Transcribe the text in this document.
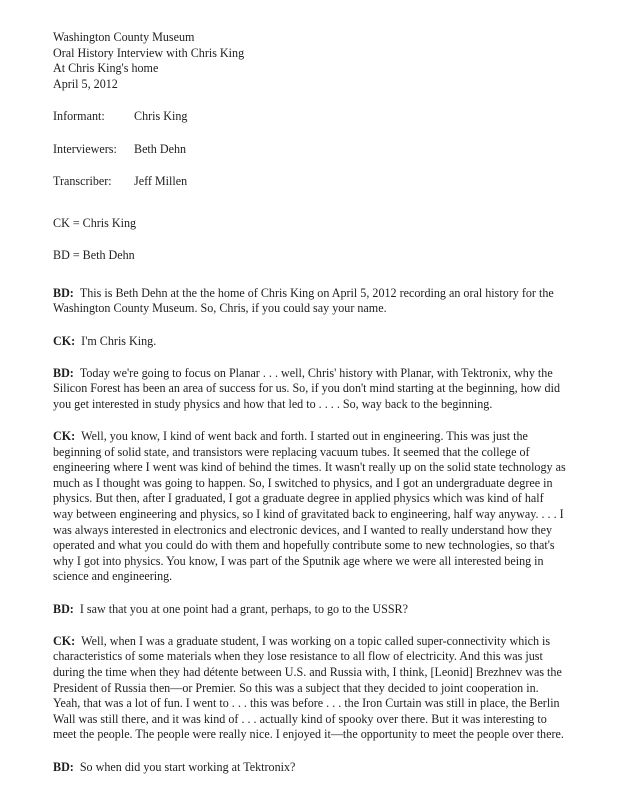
Washington County Museum

Oral History Interview with Chris King

At Chris King's home

April 5, 2012

Informant:	Chris King
Interviewers:	Beth Dehn
Transcriber:	Jeff Millen

CK = Chris King

BD = Beth Dehn

BD: This is Beth Dehn at the the home of Chris King on April 5, 2012 recording an oral history for the Washington County Museum. So, Chris, if you could say your name.

CK: I'm Chris King.

BD: Today we're going to focus on Planar . . . well, Chris' history with Planar, with Tektronix, why the Silicon Forest has been an area of success for us. So, if you don't mind starting at the beginning, how did you get interested in study physics and how that led to . . . . So, way back to the beginning.

CK: Well, you know, I kind of went back and forth. I started out in engineering. This was just the beginning of solid state, and transistors were replacing vacuum tubes. It seemed that the college of engineering where I went was kind of behind the times. It wasn't really up on the solid state technology as much as I thought was going to happen. So, I switched to physics, and I got an undergraduate degree in physics. But then, after I graduated, I got a graduate degree in applied physics which was kind of half way between engineering and physics, so I kind of gravitated back to engineering, half way anyway. . . . I was always interested in electronics and electronic devices, and I wanted to really understand how they operated and what you could do with them and hopefully contribute some to new technologies, so that's why I got into physics. You know, I was part of the Sputnik age where we were all interested being in science and engineering.

BD: I saw that you at one point had a grant, perhaps, to go to the USSR?

CK: Well, when I was a graduate student, I was working on a topic called super-connectivity which is characteristics of some materials when they lose resistance to all flow of electricity. And this was just during the time when they had détente between U.S. and Russia with, I think, [Leonid] Brezhnev was the President of Russia then—or Premier. So this was a subject that they decided to joint cooperation in. Yeah, that was a lot of fun. I went to . . . this was before . . . the Iron Curtain was still in place, the Berlin Wall was still there, and it was kind of . . . actually kind of spooky over there. But it was interesting to meet the people. The people were really nice. I enjoyed it—the opportunity to meet the people over there.

BD: So when did you start working at Tektronix?
